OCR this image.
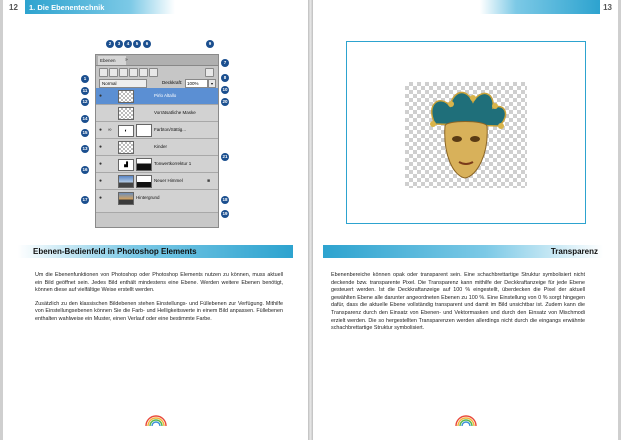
12 1. Die Ebenentechnik
Ebenen	»
Normal	Deckkraft:	100%	▾
●	Pirlo Altallo
Vorrätsatliche Maske
● ∞	◐	Farbton/Sättig...
●	Kinder
●	▟	Tonwertkorrektur 1
●	Neuer Himmel	■
●	Hintergrund
2	3	4	5	6	9
7
8
10
1
11
12	20
14
15
13
21
16
17	18
19
Ebenen-Bedienfeld in Photoshop Elements

Um die Ebenenfunktionen von Photoshop oder Photoshop Elements nutzen zu können, muss aktuell ein Bild geöffnet sein. Jedes Bild enthält mindestens eine Ebene. Werden weitere Ebenen benötigt, können diese auf vielfältige Weise erstellt werden.

Zusätzlich zu den klassischen Bildebenen stehen Einstellungs- und Füllebenen zur Verfügung. Mithilfe von Einstellungsebenen können Sie die Farb- und Helligkeitswerte in einem Bild anpassen. Füllebenen enthalten wahlweise ein Muster, einen Verlauf oder eine bestimmte Farbe.

13
Transparenz

Ebenenbereiche können opak oder transparent sein. Eine schachbrettartige Struktur symbolisiert nicht deckende bzw. transparente Pixel. Die Transparenz kann mithilfe der Deckkraftanzeige für jede Ebene gesteuert werden. Ist die Deckkraftanzeige auf 100 % eingestellt, überdecken die Pixel der aktuell gewählten Ebene alle darunter angeordneten Ebenen zu 100 %. Eine Einstellung von 0 % sorgt hingegen dafür, dass die aktuelle Ebene vollständig transparent und damit im Bild unsichtbar ist. Zudem kann die Transparenz durch den Einsatz von Ebenen- und Vektormasken und durch den Einsatz von Mischmodi erzielt werden. Die so hergestellten Transparenzen werden allerdings nicht durch die eingangs erwähnte schachbrettartige Struktur symbolisiert.
